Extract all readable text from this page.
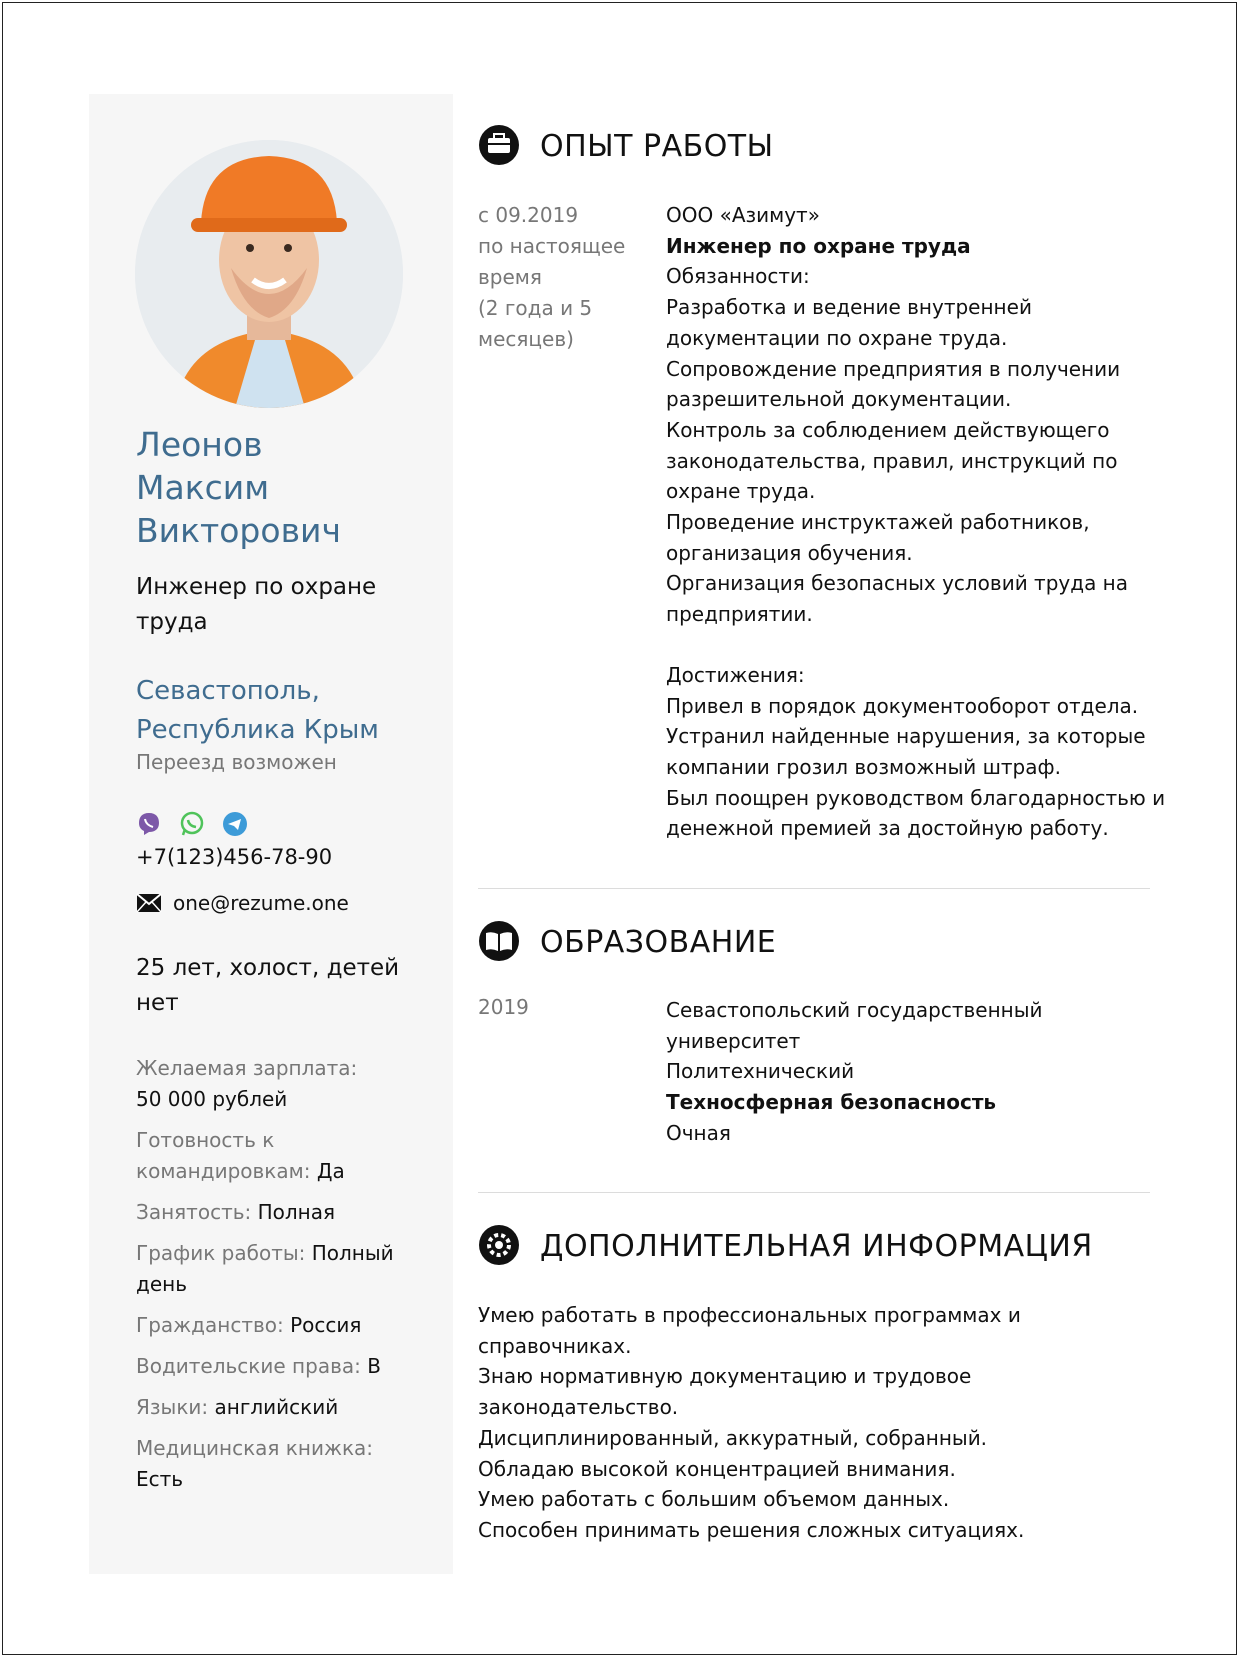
Леонов
Максим
Викторович
Инженер по охране труда
Севастополь, Республика Крым
Переезд возможен
+7(123)456-78-90
one@rezume.one
25 лет, холост, детей нет
Желаемая зарплата:
50 000 рублей
Готовность к командировкам: Да
Занятость: Полная
График работы: Полный день
Гражданство: Россия
Водительские права: B
Языки: английский
Медицинская книжка:
Есть
ОПЫТ РАБОТЫ
с 09.2019
по настоящее время
(2 года и 5 месяцев)
ООО «Азимут»
Инженер по охране труда
Обязанности:
Разработка и ведение внутренней документации по охране труда.
Сопровождение предприятия в получении разрешительной документации.
Контроль за соблюдением действующего законодательства, правил, инструкций по охране труда.
Проведение инструктажей работников, организация обучения.
Организация безопасных условий труда на предприятии.
Достижения:
Привел в порядок документооборот отдела.
Устранил найденные нарушения, за которые компании грозил возможный штраф.
Был поощрен руководством благодарностью и денежной премией за достойную работу.
ОБРАЗОВАНИЕ
2019	Севастопольский государственный университет
Политехнический
Техносферная безопасность
Очная
ДОПОЛНИТЕЛЬНАЯ ИНФОРМАЦИЯ
Умею работать в профессиональных программах и справочниках.
Знаю нормативную документацию и трудовое законодательство.
Дисциплинированный, аккуратный, собранный.
Обладаю высокой концентрацией внимания.
Умею работать с большим объемом данных.
Способен принимать решения сложных ситуациях.
